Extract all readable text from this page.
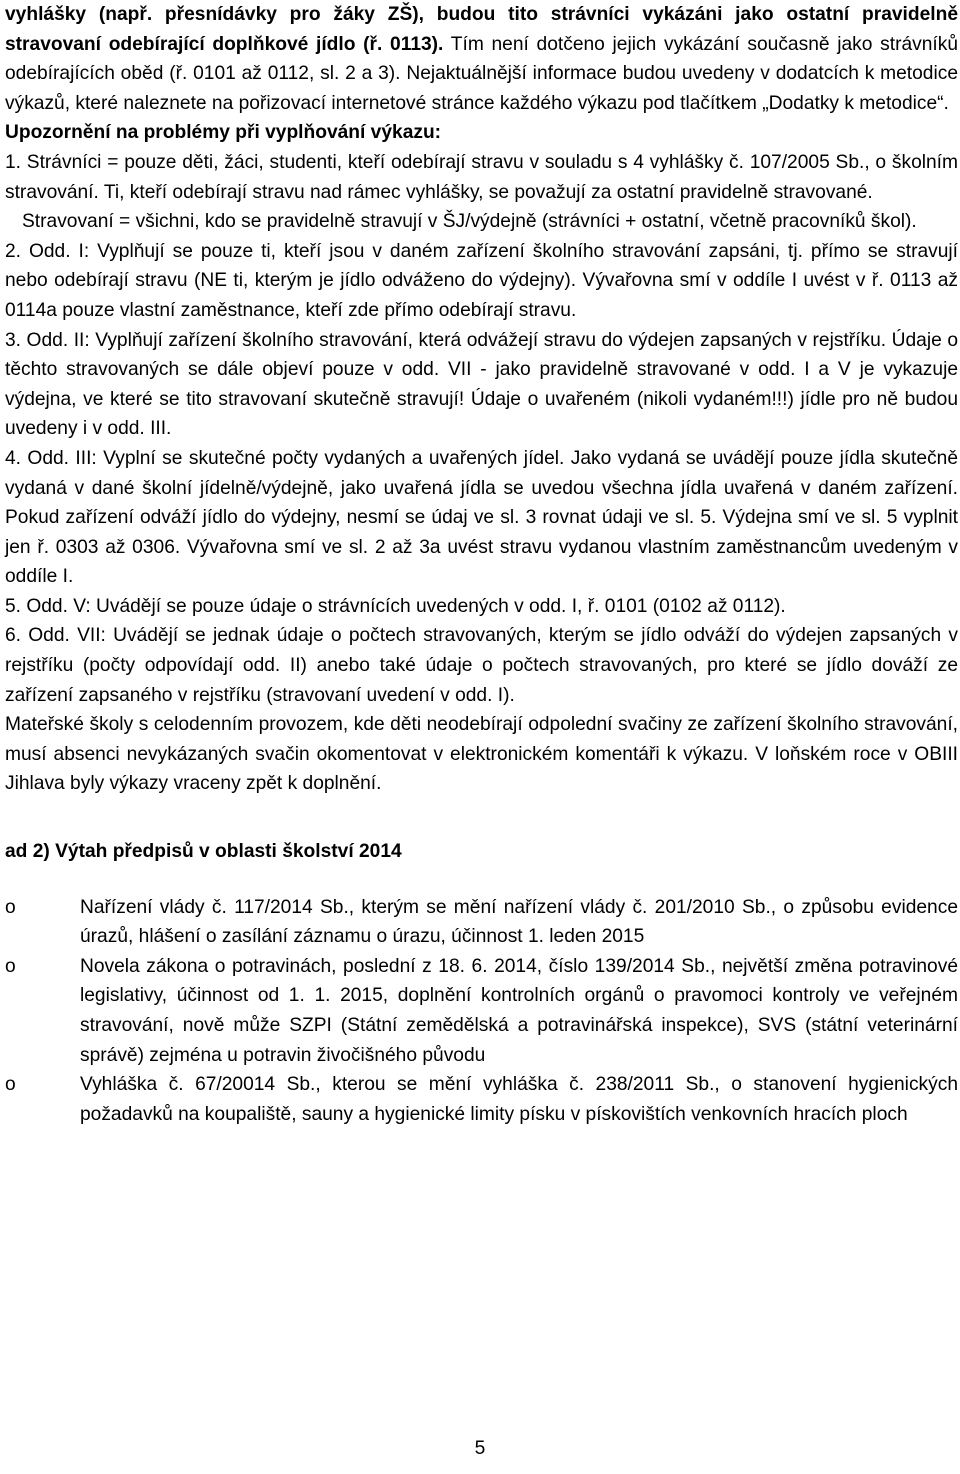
vyhlášky (např. přesnídávky pro žáky ZŠ), budou tito strávníci vykázáni jako ostatní pravidelně stravovaní odebírající doplňkové jídlo (ř. 0113). Tím není dotčeno jejich vykázání současně jako strávníků odebírajících oběd (ř. 0101 až 0112, sl. 2 a 3). Nejaktuálnější informace budou uvedeny v dodatcích k metodice výkazů, které naleznete na pořizovací internetové stránce každého výkazu pod tlačítkem „Dodatky k metodice“.

Upozornění na problémy při vyplňování výkazu:

1. Strávníci = pouze děti, žáci, studenti, kteří odebírají stravu v souladu s 4 vyhlášky č. 107/2005 Sb., o školním stravování. Ti, kteří odebírají stravu nad rámec vyhlášky, se považují za ostatní pravidelně stravované.

Stravovaní = všichni, kdo se pravidelně stravují v ŠJ/výdejně (strávníci + ostatní, včetně pracovníků škol).

2. Odd. I: Vyplňují se pouze ti, kteří jsou v daném zařízení školního stravování zapsáni, tj. přímo se stravují nebo odebírají stravu (NE ti, kterým je jídlo odváženo do výdejny). Vývařovna smí v oddíle I uvést v ř. 0113 až 0114a pouze vlastní zaměstnance, kteří zde přímo odebírají stravu.

3. Odd. II: Vyplňují zařízení školního stravování, která odvážejí stravu do výdejen zapsaných v rejstříku. Údaje o těchto stravovaných se dále objeví pouze v odd. VII - jako pravidelně stravované v odd. I a V je vykazuje výdejna, ve které se tito stravovaní skutečně stravují! Údaje o uvařeném (nikoli vydaném!!!) jídle pro ně budou uvedeny i v odd. III.

4. Odd. III: Vyplní se skutečné počty vydaných a uvařených jídel. Jako vydaná se uvádějí pouze jídla skutečně vydaná v dané školní jídelně/výdejně, jako uvařená jídla se uvedou všechna jídla uvařená v daném zařízení. Pokud zařízení odváží jídlo do výdejny, nesmí se údaj ve sl. 3 rovnat údaji ve sl. 5. Výdejna smí ve sl. 5 vyplnit jen ř. 0303 až 0306. Vývařovna smí ve sl. 2 až 3a uvést stravu vydanou vlastním zaměstnancům uvedeným v oddíle I.

5. Odd. V: Uvádějí se pouze údaje o strávnících uvedených v odd. I, ř. 0101 (0102 až 0112).

6. Odd. VII: Uvádějí se jednak údaje o počtech stravovaných, kterým se jídlo odváží do výdejen zapsaných v rejstříku (počty odpovídají odd. II) anebo také údaje o počtech stravovaných, pro které se jídlo dováží ze zařízení zapsaného v rejstříku (stravovaní uvedení v odd. I).

Mateřské školy s celodenním provozem, kde děti neodebírají odpolední svačiny ze zařízení školního stravování, musí absenci nevykázaných svačin okomentovat v elektronickém komentáři k výkazu. V loňském roce v OBIII Jihlava byly výkazy vraceny zpět k doplnění.

ad 2) Výtah předpisů v oblasti školství 2014

o	Nařízení vlády č. 117/2014 Sb., kterým se mění nařízení vlády č. 201/2010 Sb., o způsobu evidence úrazů, hlášení o zasílání záznamu o úrazu, účinnost 1. leden 2015
o	Novela zákona o potravinách, poslední z 18. 6. 2014, číslo 139/2014 Sb., největší změna potravinové legislativy, účinnost od 1. 1. 2015, doplnění kontrolních orgánů o pravomoci kontroly ve veřejném stravování, nově může SZPI (Státní zemědělská a potravinářská inspekce), SVS (státní veterinární správě) zejména u potravin živočišného původu
o	Vyhláška č. 67/20014 Sb., kterou se mění vyhláška č. 238/2011 Sb., o stanovení hygienických požadavků na koupaliště, sauny a hygienické limity písku v pískovištích venkovních hracích ploch
5
